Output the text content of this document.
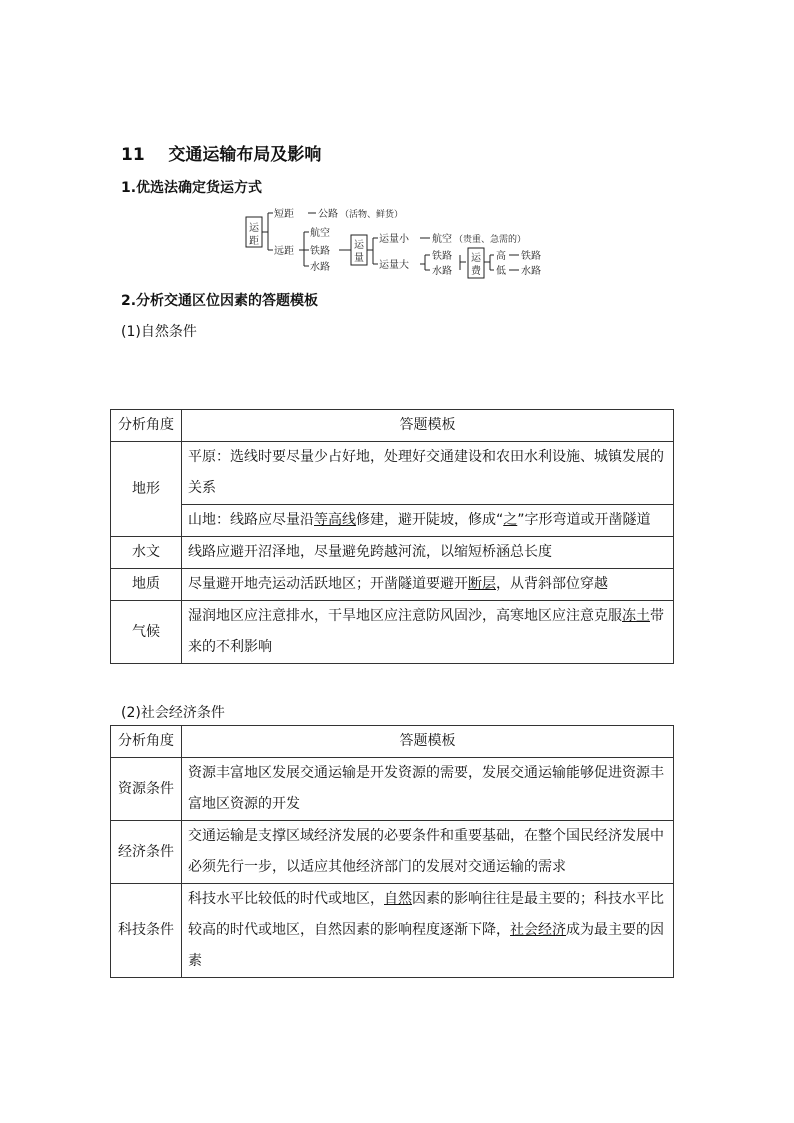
11 交通运输布局及影响
1.优选法确定货运方式
运
距
短距 公路 （活物、鲜货）
远距
航空
铁路
水路
运
量
运量小 航空 （贵重、急需的）
运量大
铁路
水路
运
费
高 铁路
低 水路
2.分析交通区位因素的答题模板
(1)自然条件
分析角度	答题模板
地形	平原：选线时要尽量少占好地，处理好交通建设和农田水利设施、城镇发展的关系
	山地：线路应尽量沿等高线修建，避开陡坡，修成“之”字形弯道或开凿隧道
水文	线路应避开沼泽地，尽量避免跨越河流，以缩短桥涵总长度
地质	尽量避开地壳运动活跃地区；开凿隧道要避开断层，从背斜部位穿越
气候	湿润地区应注意排水，干旱地区应注意防风固沙，高寒地区应注意克服冻土带来的不利影响
(2)社会经济条件
分析角度	答题模板
资源条件	资源丰富地区发展交通运输是开发资源的需要，发展交通运输能够促进资源丰富地区资源的开发
经济条件	交通运输是支撑区域经济发展的必要条件和重要基础，在整个国民经济发展中必须先行一步，以适应其他经济部门的发展对交通运输的需求
科技条件	科技水平比较低的时代或地区，自然因素的影响往往是最主要的；科技水平比较高的时代或地区，自然因素的影响程度逐渐下降，社会经济成为最主要的因素
